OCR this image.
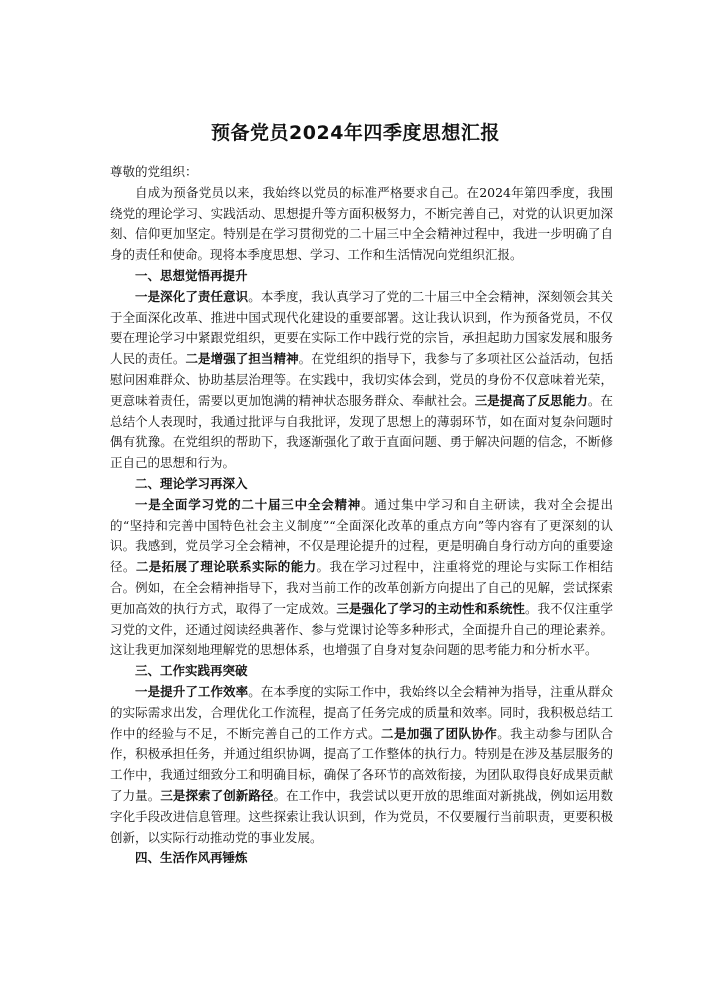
预备党员2024年四季度思想汇报

尊敬的党组织：

自成为预备党员以来，我始终以党员的标准严格要求自己。在2024年第四季度，我围绕党的理论学习、实践活动、思想提升等方面积极努力，不断完善自己，对党的认识更加深刻、信仰更加坚定。特别是在学习贯彻党的二十届三中全会精神过程中，我进一步明确了自身的责任和使命。现将本季度思想、学习、工作和生活情况向党组织汇报。

一、思想觉悟再提升

一是深化了责任意识。本季度，我认真学习了党的二十届三中全会精神，深刻领会其关于全面深化改革、推进中国式现代化建设的重要部署。这让我认识到，作为预备党员，不仅要在理论学习中紧跟党组织，更要在实际工作中践行党的宗旨，承担起助力国家发展和服务人民的责任。二是增强了担当精神。在党组织的指导下，我参与了多项社区公益活动，包括慰问困难群众、协助基层治理等。在实践中，我切实体会到，党员的身份不仅意味着光荣，更意味着责任，需要以更加饱满的精神状态服务群众、奉献社会。三是提高了反思能力。在总结个人表现时，我通过批评与自我批评，发现了思想上的薄弱环节，如在面对复杂问题时偶有犹豫。在党组织的帮助下，我逐渐强化了敢于直面问题、勇于解决问题的信念，不断修正自己的思想和行为。

二、理论学习再深入

一是全面学习党的二十届三中全会精神。通过集中学习和自主研读，我对全会提出的“坚持和完善中国特色社会主义制度”“全面深化改革的重点方向”等内容有了更深刻的认识。我感到，党员学习全会精神，不仅是理论提升的过程，更是明确自身行动方向的重要途径。二是拓展了理论联系实际的能力。我在学习过程中，注重将党的理论与实际工作相结合。例如，在全会精神指导下，我对当前工作的改革创新方向提出了自己的见解，尝试探索更加高效的执行方式，取得了一定成效。三是强化了学习的主动性和系统性。我不仅注重学习党的文件，还通过阅读经典著作、参与党课讨论等多种形式，全面提升自己的理论素养。这让我更加深刻地理解党的思想体系，也增强了自身对复杂问题的思考能力和分析水平。

三、工作实践再突破

一是提升了工作效率。在本季度的实际工作中，我始终以全会精神为指导，注重从群众的实际需求出发，合理优化工作流程，提高了任务完成的质量和效率。同时，我积极总结工作中的经验与不足，不断完善自己的工作方式。二是加强了团队协作。我主动参与团队合作，积极承担任务，并通过组织协调，提高了工作整体的执行力。特别是在涉及基层服务的工作中，我通过细致分工和明确目标，确保了各环节的高效衔接，为团队取得良好成果贡献了力量。三是探索了创新路径。在工作中，我尝试以更开放的思维面对新挑战，例如运用数字化手段改进信息管理。这些探索让我认识到，作为党员，不仅要履行当前职责，更要积极创新，以实际行动推动党的事业发展。

四、生活作风再锤炼
